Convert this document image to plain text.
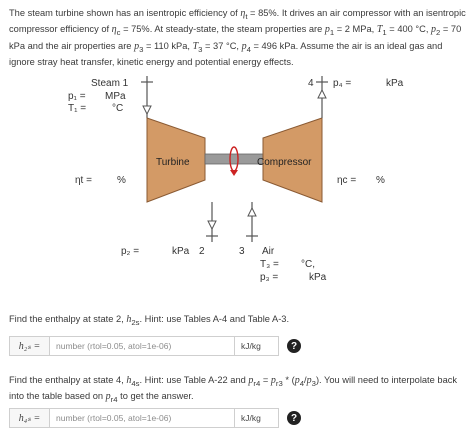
The steam turbine shown has an isentropic efficiency of $\eta_t = 85\%$. It drives an air compressor with an isentropic compressor efficiency of $\eta_c = 75\%$. At steady-state, the steam properties are $p_1 = 2$ MPa, $T_1 = 400$ °C, $p_2 = 70$ kPa and the air properties are $p_3 = 110$ kPa, $T_3 = 37$ °C, $p_4 = 496$ kPa. Assume the air is an ideal gas and ignore stray heat transfer, kinetic energy and potential energy effects.
Turbine	Compressor
Steam 1
p₁ = MPa
T₁ =	°C
ηt =	%
4 p₄ =	kPa
ηc = %
p₂ =	kPa 2	3 Air
T₃ = °C,
p₃ =	kPa
Find the enthalpy at state 2, $h_{2s}$. Hint: use Tables A-4 and Table A-3.
h₂ₛ =
number (rtol=0.05, atol=1e-06)	kJ/kg	?
Find the enthalpy at state 4, $h_{4s}$. Hint: use Table A-22 and $p_{r4} = p_{r3} * (p_4/p_3)$. You will need to interpolate back into the table based on $p_{r4}$ to get the answer.
h₄ₛ =
number (rtol=0.05, atol=1e-06)	kJ/kg	?
